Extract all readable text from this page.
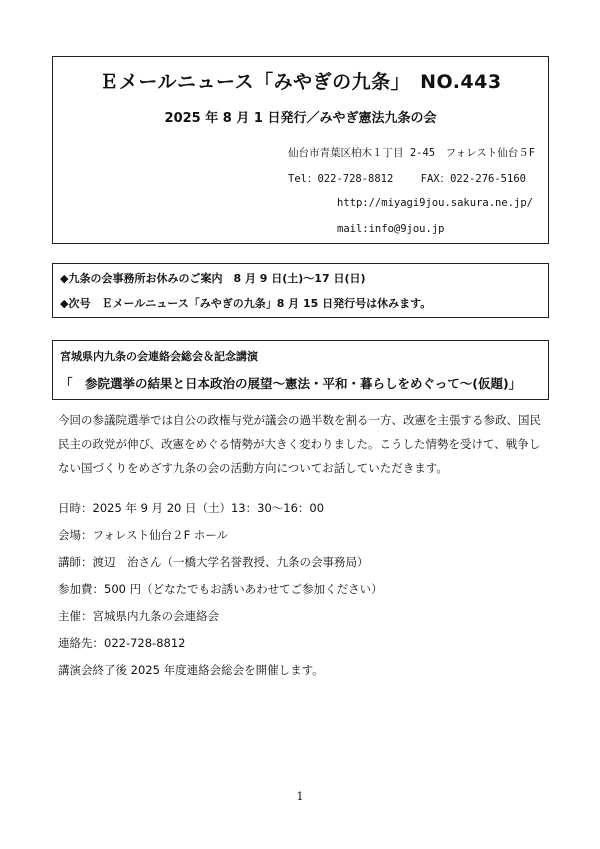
Ｅメールニュース「みやぎの九条」　NO.443
2025 年 8 月 1 日発行／みやぎ憲法九条の会
仙台市青葉区柏木１丁目 2-45　フォレスト仙台５F
Tel：022-728-8812　　 FAX：022-276-5160
http://miyagi9jou.sakura.ne.jp/
mail:info@9jou.jp
◆九条の会事務所お休みのご案内　8 月 9 日(土)～17 日(日)
◆次号　Ｅメールニュース「みやぎの九条」8 月 15 日発行号は休みます。
宮城県内九条の会連絡会総会＆記念講演
「　参院選挙の結果と日本政治の展望～憲法・平和・暮らしをめぐって～(仮題)」
今回の参議院選挙では自公の政権与党が議会の過半数を割る一方、改憲を主張する参政、国民民主の政党が伸び、改憲をめぐる情勢が大きく変わりました。こうした情勢を受けて、戦争しない国づくりをめざす九条の会の活動方向についてお話していただきます。
日時：2025 年 9 月 20 日（土）13：30～16：00
会場：フォレスト仙台２F ホール
講師：渡辺　治さん（一橋大学名誉教授、九条の会事務局）
参加費：500 円（どなたでもお誘いあわせてご参加ください）
主催：宮城県内九条の会連絡会
連絡先：022-728-8812
講演会終了後 2025 年度連絡会総会を開催します。
1
